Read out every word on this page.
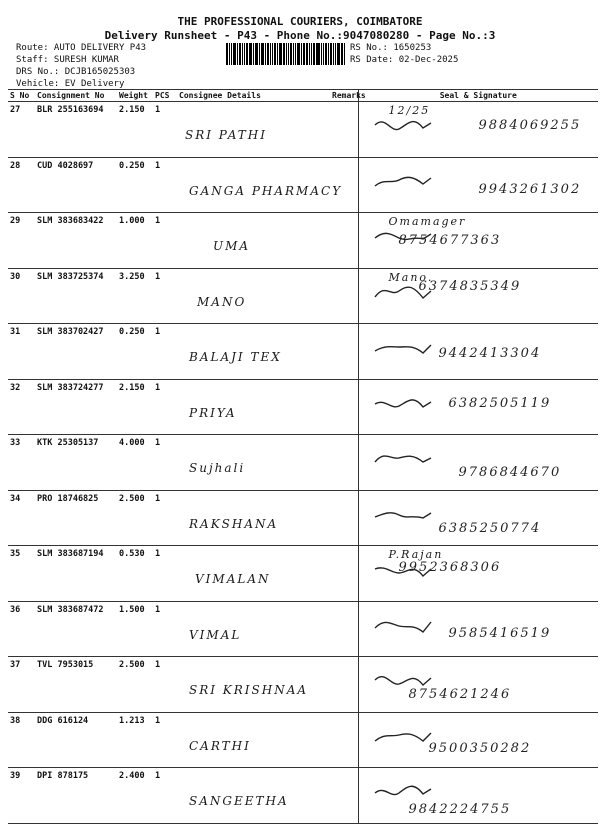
THE PROFESSIONAL COURIERS, COIMBATORE
Delivery Runsheet - P43 - Phone No.:9047080280 - Page No.:3
Route: AUTO DELIVERY P43
Staff: SURESH KUMAR
DRS No.: DCJB165025303
Vehicle: EV Delivery
RS No.: 1650253
RS Date: 02-Dec-2025
S No	Consignment No	Weight	PCS	Consignee Details	Remarks	Seal & Signature
27	BLR 255163694	2.150	1	SRI PATHI		12/25
9884069255

28	CUD 4028697	0.250	1	GANGA PHARMACY		9943261302

29	SLM 383683422	1.000	1	UMA		Omamager
8754677363

30	SLM 383725374	3.250	1	MANO		Mano.
6374835349

31	SLM 383702427	0.250	1	BALAJI TEX		9442413304

32	SLM 383724277	2.150	1	PRIYA		6382505119

33	KTK 25305137	4.000	1	Sujhali		9786844670

34	PRO 18746825	2.500	1	RAKSHANA		6385250774

35	SLM 383687194	0.530	1	VIMALAN		P.Rajan
9952368306

36	SLM 383687472	1.500	1	VIMAL		9585416519

37	TVL 7953015	2.500	1	SRI KRISHNAA		8754621246

38	DDG 616124	1.213	1	CARTHI		9500350282

39	DPI 878175	2.400	1	SANGEETHA		9842224755
